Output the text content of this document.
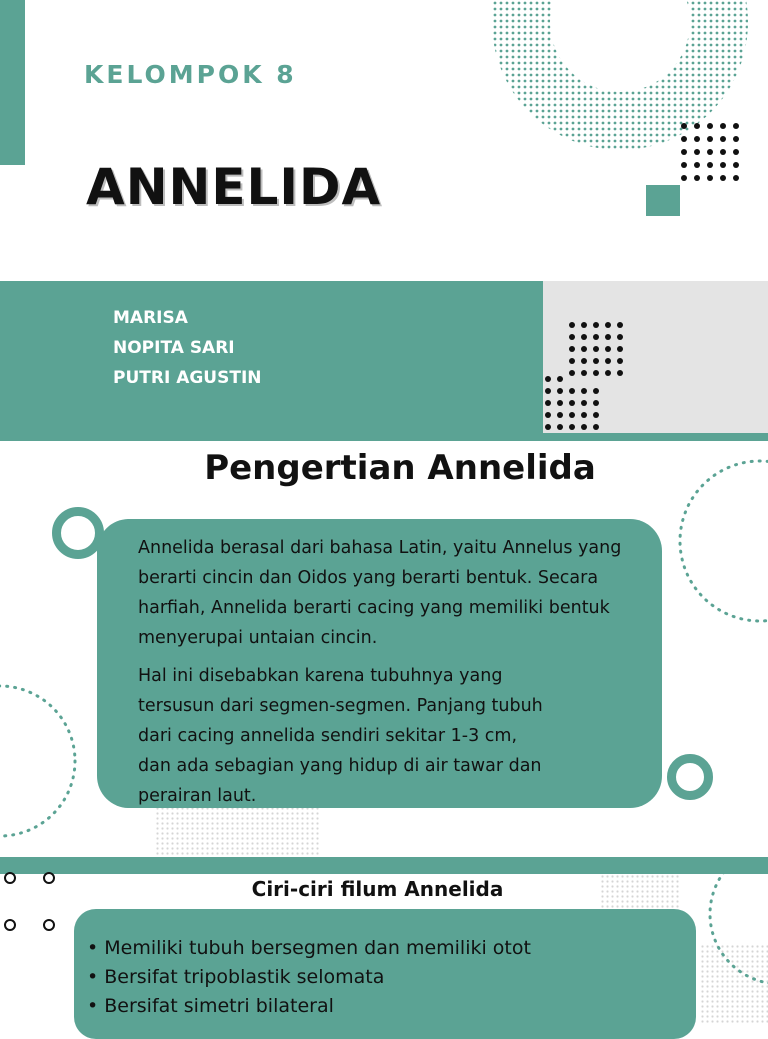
KELOMPOK 8
ANNELIDA
MARISA
NOPITA SARI
PUTRI AGUSTIN
Pengertian Annelida

Annelida berasal dari bahasa Latin, yaitu Annelus yang berarti cincin dan Oidos yang berarti bentuk. Secara harfiah, Annelida berarti cacing yang memiliki bentuk menyerupai untaian cincin.

Hal ini disebabkan karena tubuhnya yang tersusun dari segmen-segmen. Panjang tubuh dari cacing annelida sendiri sekitar 1-3 cm, dan ada sebagian yang hidup di air tawar dan perairan laut.

Ciri-ciri filum Annelida
• Memiliki tubuh bersegmen dan memiliki otot
• Bersifat tripoblastik selomata
• Bersifat simetri bilateral
